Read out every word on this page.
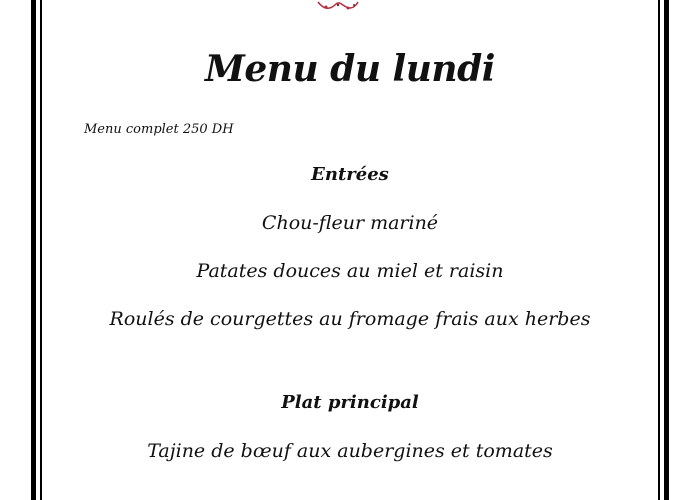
Menu du lundi
Menu complet 250 DH
Entrées
Chou-fleur mariné
Patates douces au miel et raisin
Roulés de courgettes au fromage frais aux herbes
Plat principal
Tajine de bœuf aux aubergines et tomates
